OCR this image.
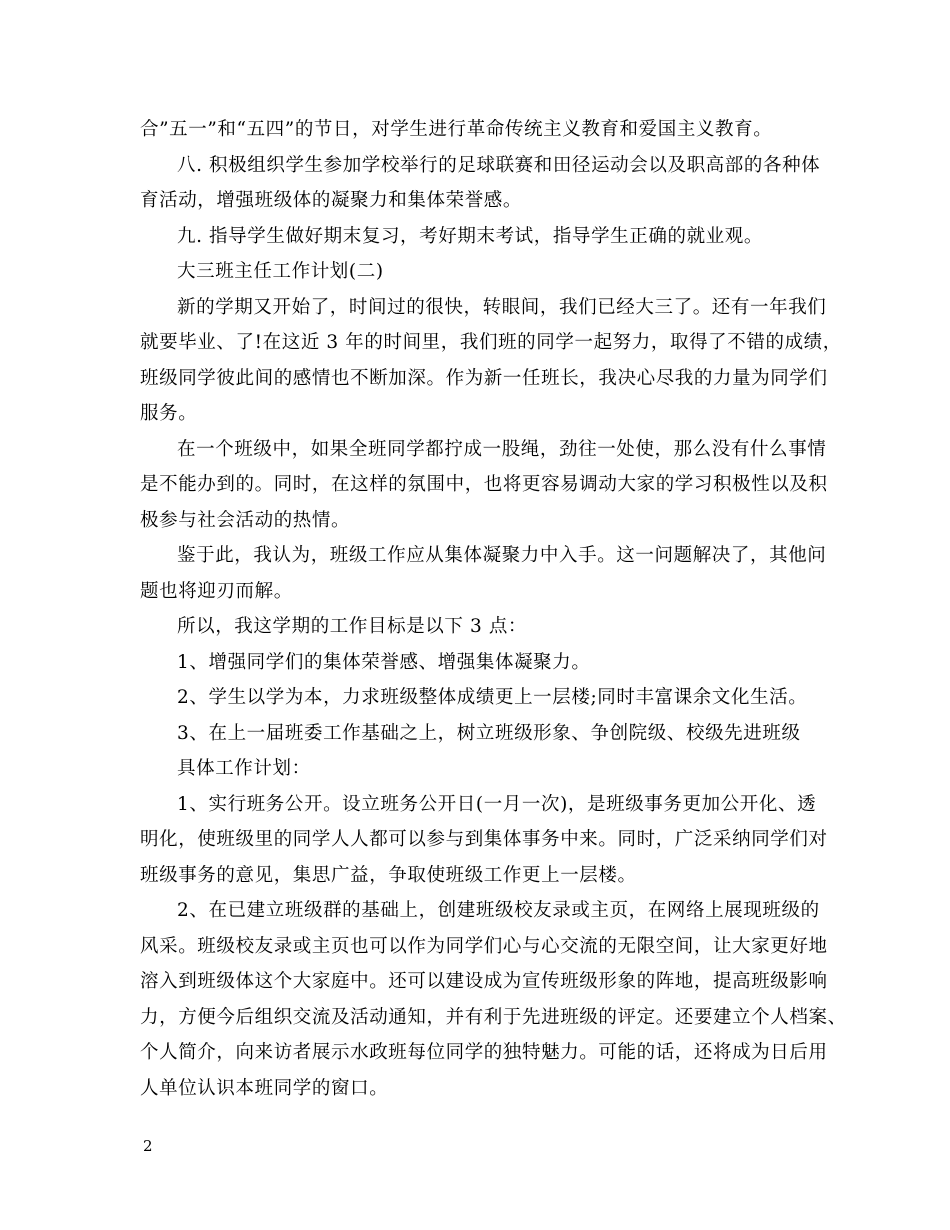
合”五一”和“五四”的节日，对学生进行革命传统主义教育和爱国主义教育。
八. 积极组织学生参加学校举行的足球联赛和田径运动会以及职高部的各种体
育活动，增强班级体的凝聚力和集体荣誉感。
九. 指导学生做好期末复习，考好期末考试，指导学生正确的就业观。
大三班主任工作计划(二)
新的学期又开始了，时间过的很快，转眼间，我们已经大三了。还有一年我们
就要毕业、了!在这近 3 年的时间里，我们班的同学一起努力，取得了不错的成绩，
班级同学彼此间的感情也不断加深。作为新一任班长，我决心尽我的力量为同学们
服务。
在一个班级中，如果全班同学都拧成一股绳，劲往一处使，那么没有什么事情
是不能办到的。同时，在这样的氛围中，也将更容易调动大家的学习积极性以及积
极参与社会活动的热情。
鉴于此，我认为，班级工作应从集体凝聚力中入手。这一问题解决了，其他问
题也将迎刃而解。
所以，我这学期的工作目标是以下 3 点：
1、增强同学们的集体荣誉感、增强集体凝聚力。
2、学生以学为本，力求班级整体成绩更上一层楼;同时丰富课余文化生活。
3、在上一届班委工作基础之上，树立班级形象、争创院级、校级先进班级
具体工作计划：
1、实行班务公开。设立班务公开日(一月一次)，是班级事务更加公开化、透
明化，使班级里的同学人人都可以参与到集体事务中来。同时，广泛采纳同学们对
班级事务的意见，集思广益，争取使班级工作更上一层楼。
2、在已建立班级群的基础上，创建班级校友录或主页，在网络上展现班级的
风采。班级校友录或主页也可以作为同学们心与心交流的无限空间，让大家更好地
溶入到班级体这个大家庭中。还可以建设成为宣传班级形象的阵地，提高班级影响
力，方便今后组织交流及活动通知，并有利于先进班级的评定。还要建立个人档案、
个人简介，向来访者展示水政班每位同学的独特魅力。可能的话，还将成为日后用
人单位认识本班同学的窗口。
2
